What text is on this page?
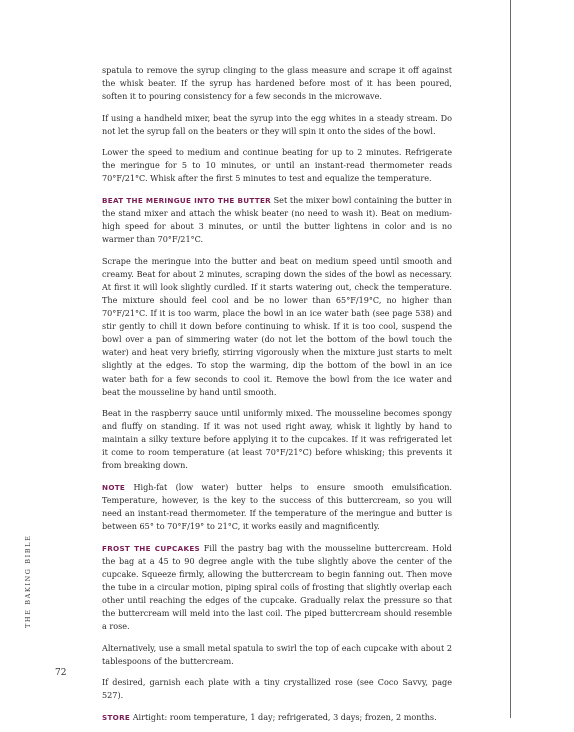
THE BAKING BIBLE
72

spatula to remove the syrup clinging to the glass measure and scrape it off against the whisk beater. If the syrup has hardened before most of it has been poured, soften it to pouring consistency for a few seconds in the microwave.

If using a handheld mixer, beat the syrup into the egg whites in a steady stream. Do not let the syrup fall on the beaters or they will spin it onto the sides of the bowl.

Lower the speed to medium and continue beating for up to 2 minutes. Refrigerate the meringue for 5 to 10 minutes, or until an instant-read thermometer reads 70°F/21°C. Whisk after the first 5 minutes to test and equalize the temperature.

BEAT THE MERINGUE INTO THE BUTTER Set the mixer bowl containing the butter in the stand mixer and attach the whisk beater (no need to wash it). Beat on medium-high speed for about 3 minutes, or until the butter lightens in color and is no warmer than 70°F/21°C.

Scrape the meringue into the butter and beat on medium speed until smooth and creamy. Beat for about 2 minutes, scraping down the sides of the bowl as necessary. At first it will look slightly curdled. If it starts watering out, check the temperature. The mixture should feel cool and be no lower than 65°F/19°C, no higher than 70°F/21°C. If it is too warm, place the bowl in an ice water bath (see page 538) and stir gently to chill it down before continuing to whisk. If it is too cool, suspend the bowl over a pan of simmering water (do not let the bottom of the bowl touch the water) and heat very briefly, stirring vigorously when the mixture just starts to melt slightly at the edges. To stop the warming, dip the bottom of the bowl in an ice water bath for a few seconds to cool it. Remove the bowl from the ice water and beat the mousseline by hand until smooth.

Beat in the raspberry sauce until uniformly mixed. The mousseline becomes spongy and fluffy on standing. If it was not used right away, whisk it lightly by hand to maintain a silky texture before applying it to the cupcakes. If it was refrigerated let it come to room temperature (at least 70°F/21°C) before whisking; this prevents it from breaking down.

NOTE High-fat (low water) butter helps to ensure smooth emulsification. Temperature, however, is the key to the success of this buttercream, so you will need an instant-read thermometer. If the temperature of the meringue and butter is between 65° to 70°F/19° to 21°C, it works easily and magnificently.

FROST THE CUPCAKES Fill the pastry bag with the mousseline buttercream. Hold the bag at a 45 to 90 degree angle with the tube slightly above the center of the cupcake. Squeeze firmly, allowing the buttercream to begin fanning out. Then move the tube in a circular motion, piping spiral coils of frosting that slightly overlap each other until reaching the edges of the cupcake. Gradually relax the pressure so that the buttercream will meld into the last coil. The piped buttercream should resemble a rose.

Alternatively, use a small metal spatula to swirl the top of each cupcake with about 2 tablespoons of the buttercream.

If desired, garnish each plate with a tiny crystallized rose (see Coco Savvy, page 527).

STORE Airtight: room temperature, 1 day; refrigerated, 3 days; frozen, 2 months.
